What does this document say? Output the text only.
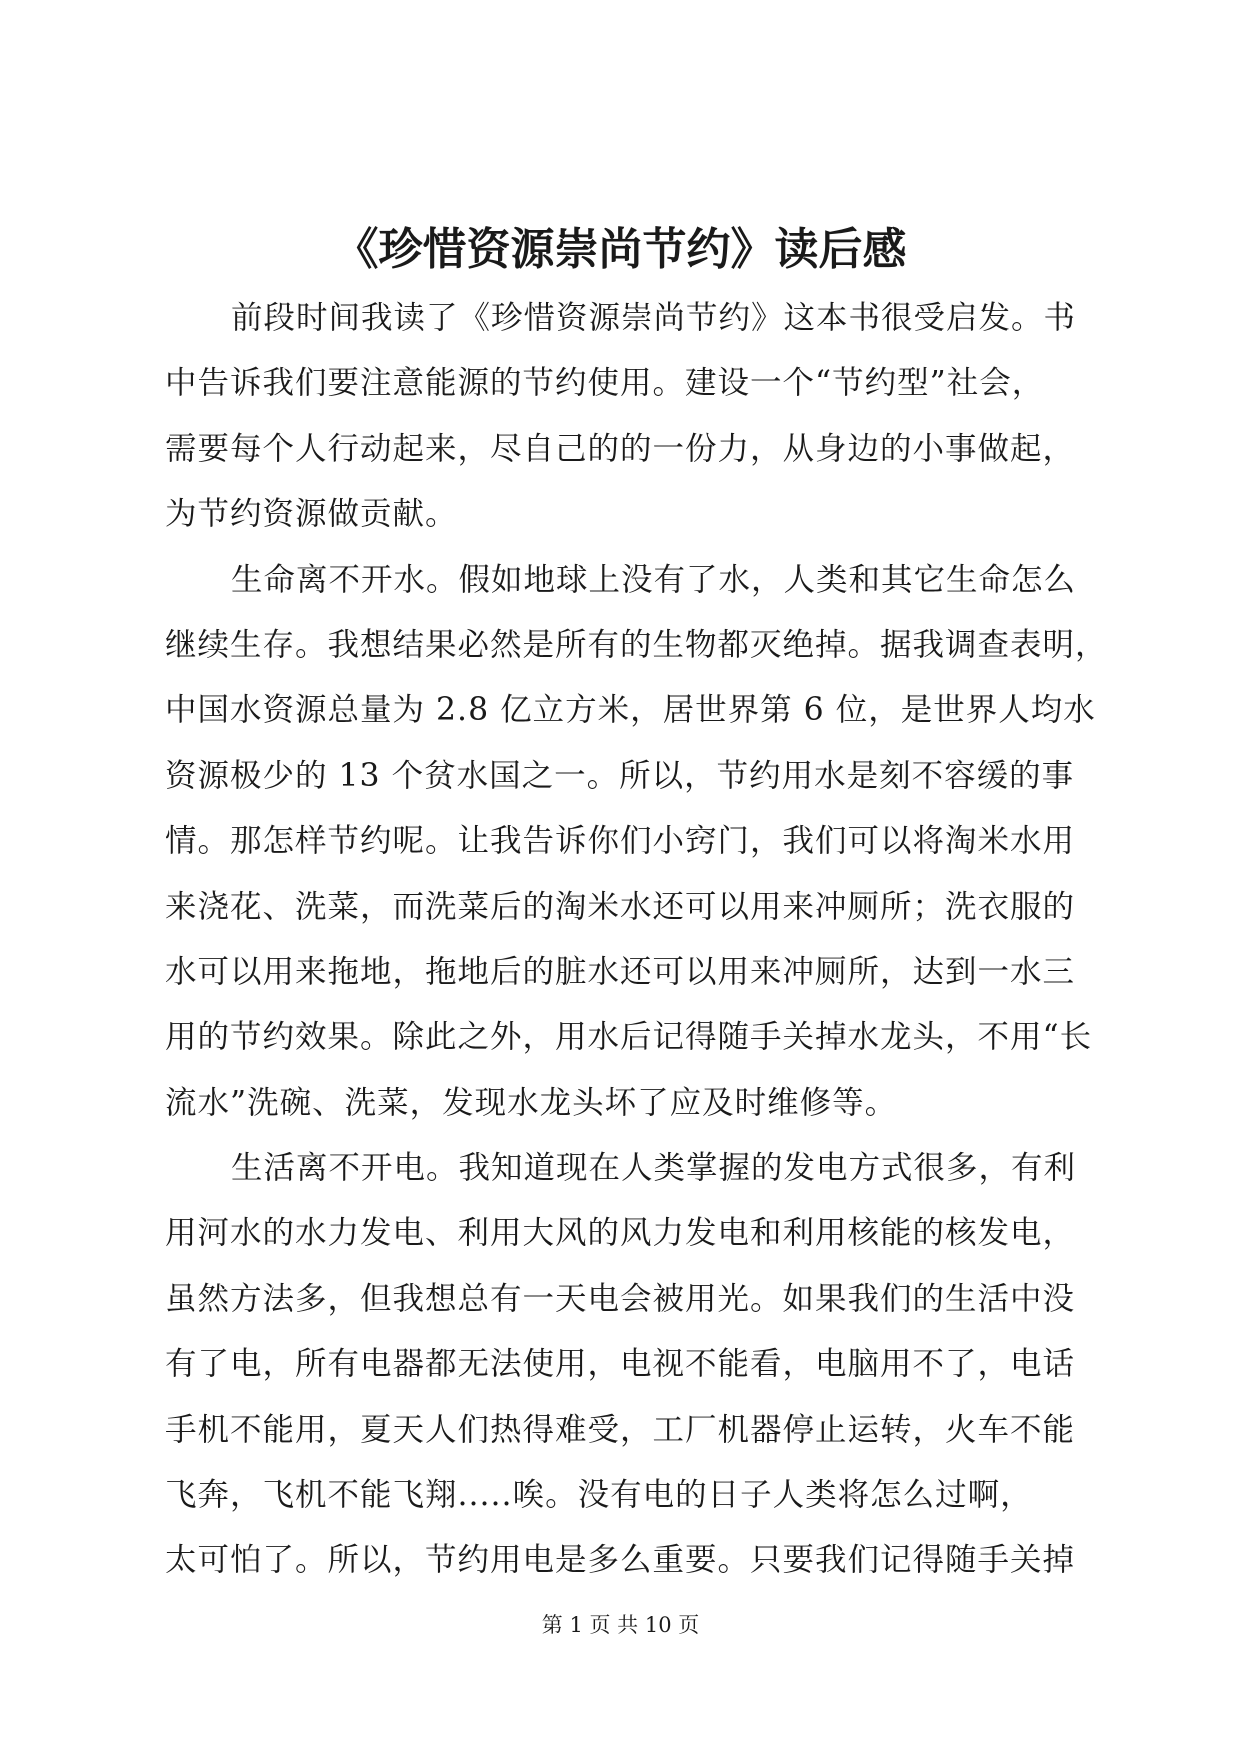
《珍惜资源崇尚节约》读后感
前段时间我读了《珍惜资源崇尚节约》这本书很受启发。书
中告诉我们要注意能源的节约使用。建设一个“节约型”社会，
需要每个人行动起来，尽自己的的一份力，从身边的小事做起，
为节约资源做贡献。
生命离不开水。假如地球上没有了水，人类和其它生命怎么
继续生存。我想结果必然是所有的生物都灭绝掉。据我调查表明，
中国水资源总量为 2.8 亿立方米，居世界第 6 位，是世界人均水
资源极少的 13 个贫水国之一。所以，节约用水是刻不容缓的事
情。那怎样节约呢。让我告诉你们小窍门，我们可以将淘米水用
来浇花、洗菜，而洗菜后的淘米水还可以用来冲厕所；洗衣服的
水可以用来拖地，拖地后的脏水还可以用来冲厕所，达到一水三
用的节约效果。除此之外，用水后记得随手关掉水龙头，不用“长
流水”洗碗、洗菜，发现水龙头坏了应及时维修等。
生活离不开电。我知道现在人类掌握的发电方式很多，有利
用河水的水力发电、利用大风的风力发电和利用核能的核发电，
虽然方法多，但我想总有一天电会被用光。如果我们的生活中没
有了电，所有电器都无法使用，电视不能看，电脑用不了，电话
手机不能用，夏天人们热得难受，工厂机器停止运转，火车不能
飞奔，飞机不能飞翔.....唉。没有电的日子人类将怎么过啊，
太可怕了。所以，节约用电是多么重要。只要我们记得随手关掉
第 1 页 共 10 页
